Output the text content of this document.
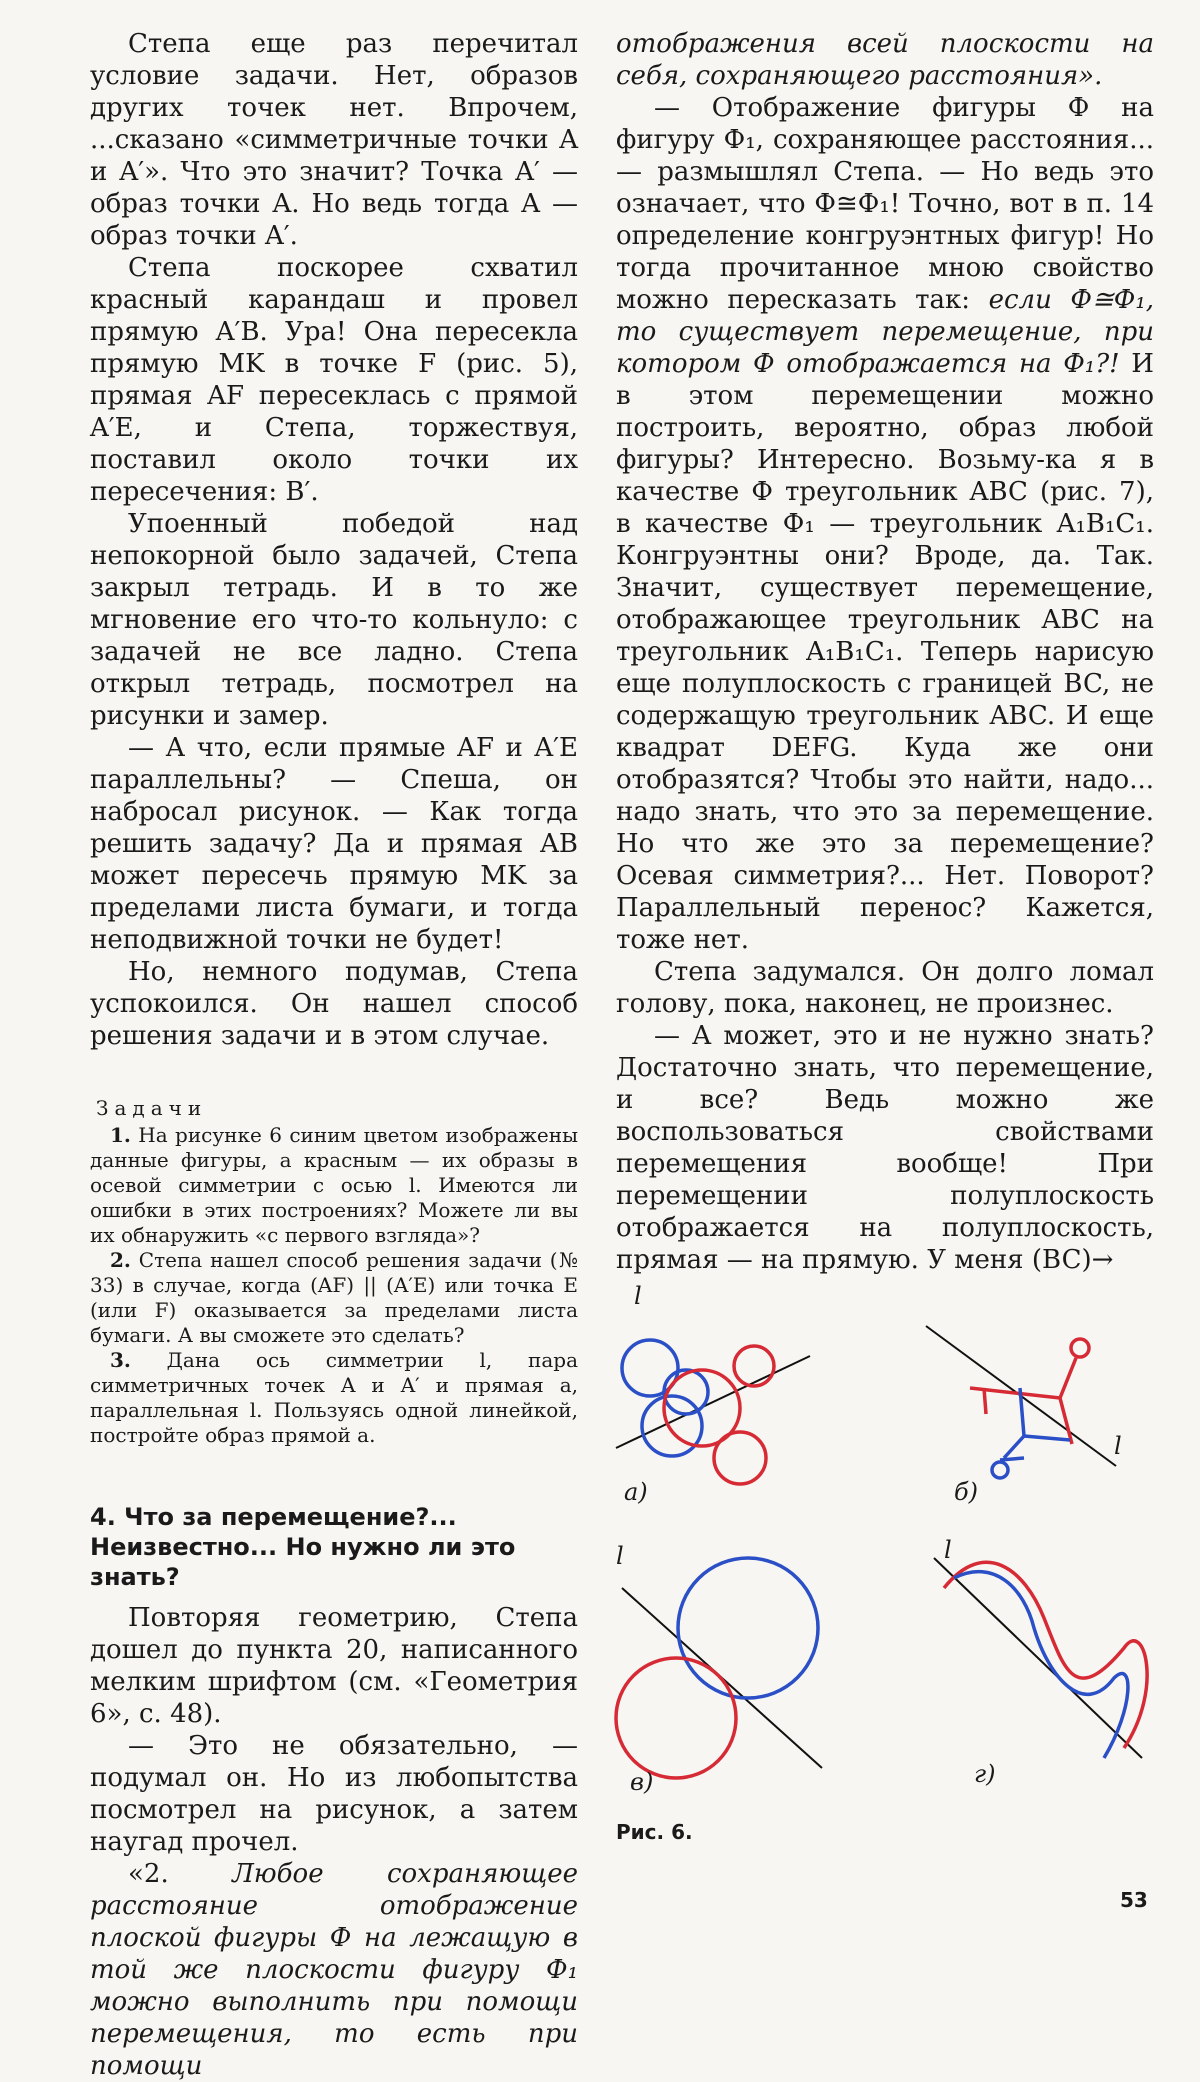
Степа еще раз перечитал условие задачи. Нет, образов других точек нет. Впрочем, ...сказано «симметричные точки A и A′». Что это значит? Точка A′ — образ точки A. Но ведь тогда A — образ точки A′.

Степа поскорее схватил красный карандаш и провел прямую A′B. Ура! Она пересекла прямую MK в точке F (рис. 5), прямая AF пересеклась с прямой A′E, и Степа, торжествуя, поставил около точки их пересечения: B′.

Упоенный победой над непокорной было задачей, Степа закрыл тетрадь. И в то же мгновение его что-то кольнуло: с задачей не все ладно. Степа открыл тетрадь, посмотрел на рисунки и замер.

— А что, если прямые AF и A′E параллельны? — Спеша, он набросал рисунок. — Как тогда решить задачу? Да и прямая AB может пересечь прямую MK за пределами листа бумаги, и тогда неподвижной точки не будет!

Но, немного подумав, Степа успокоился. Он нашел способ решения задачи и в этом случае.

Задачи

1. На рисунке 6 синим цветом изображены данные фигуры, а красным — их образы в осевой симметрии с осью l. Имеются ли ошибки в этих построениях? Можете ли вы их обнаружить «с первого взгляда»?

2. Степа нашел способ решения задачи (№ 33) в случае, когда (AF) || (A′E) или точка E (или F) оказывается за пределами листа бумаги. А вы сможете это сделать?

3. Дана ось симметрии l, пара симметричных точек A и A′ и прямая a, параллельная l. Пользуясь одной линейкой, постройте образ прямой a.

4. Что за перемещение?... Неизвестно... Но нужно ли это знать?

Повторяя геометрию, Степа дошел до пункта 20, написанного мелким шрифтом (см. «Геометрия 6», с. 48).

— Это не обязательно, — подумал он. Но из любопытства посмотрел на рисунок, а затем наугад прочел.

«2. Любое сохраняющее расстояние отображение плоской фигуры Ф на лежащую в той же плоскости фигуру Ф₁ можно выполнить при помощи перемещения, то есть при помощи

отображения всей плоскости на себя, сохраняющего расстояния».

— Отображение фигуры Ф на фигуру Ф₁, сохраняющее расстояния... — размышлял Степа. — Но ведь это означает, что Ф≅Ф₁! Точно, вот в п. 14 определение конгруэнтных фигур! Но тогда прочитанное мною свойство можно пересказать так: если Ф≅Ф₁, то существует перемещение, при котором Ф отображается на Ф₁?! И в этом перемещении можно построить, вероятно, образ любой фигуры? Интересно. Возьму-ка я в качестве Ф треугольник ABC (рис. 7), в качестве Ф₁ — треугольник A₁B₁C₁. Конгруэнтны они? Вроде, да. Так. Значит, существует перемещение, отображающее треугольник ABC на треугольник A₁B₁C₁. Теперь нарисую еще полуплоскость с границей BC, не содержащую треугольник ABC. И еще квадрат DEFG. Куда же они отобразятся? Чтобы это найти, надо... надо знать, что это за перемещение. Но что же это за перемещение? Осевая симметрия?... Нет. Поворот? Параллельный перенос? Кажется, тоже нет.

Степа задумался. Он долго ломал голову, пока, наконец, не произнес.

— А может, это и не нужно знать? Достаточно знать, что перемещение, и все? Ведь можно же воспользоваться свойствами перемещения вообще! При перемещении полуплоскость отображается на полуплоскость, прямая — на прямую. У меня (BC)→

l
l
l	l
а)	б)
в)	г)
Рис. 6.
53
